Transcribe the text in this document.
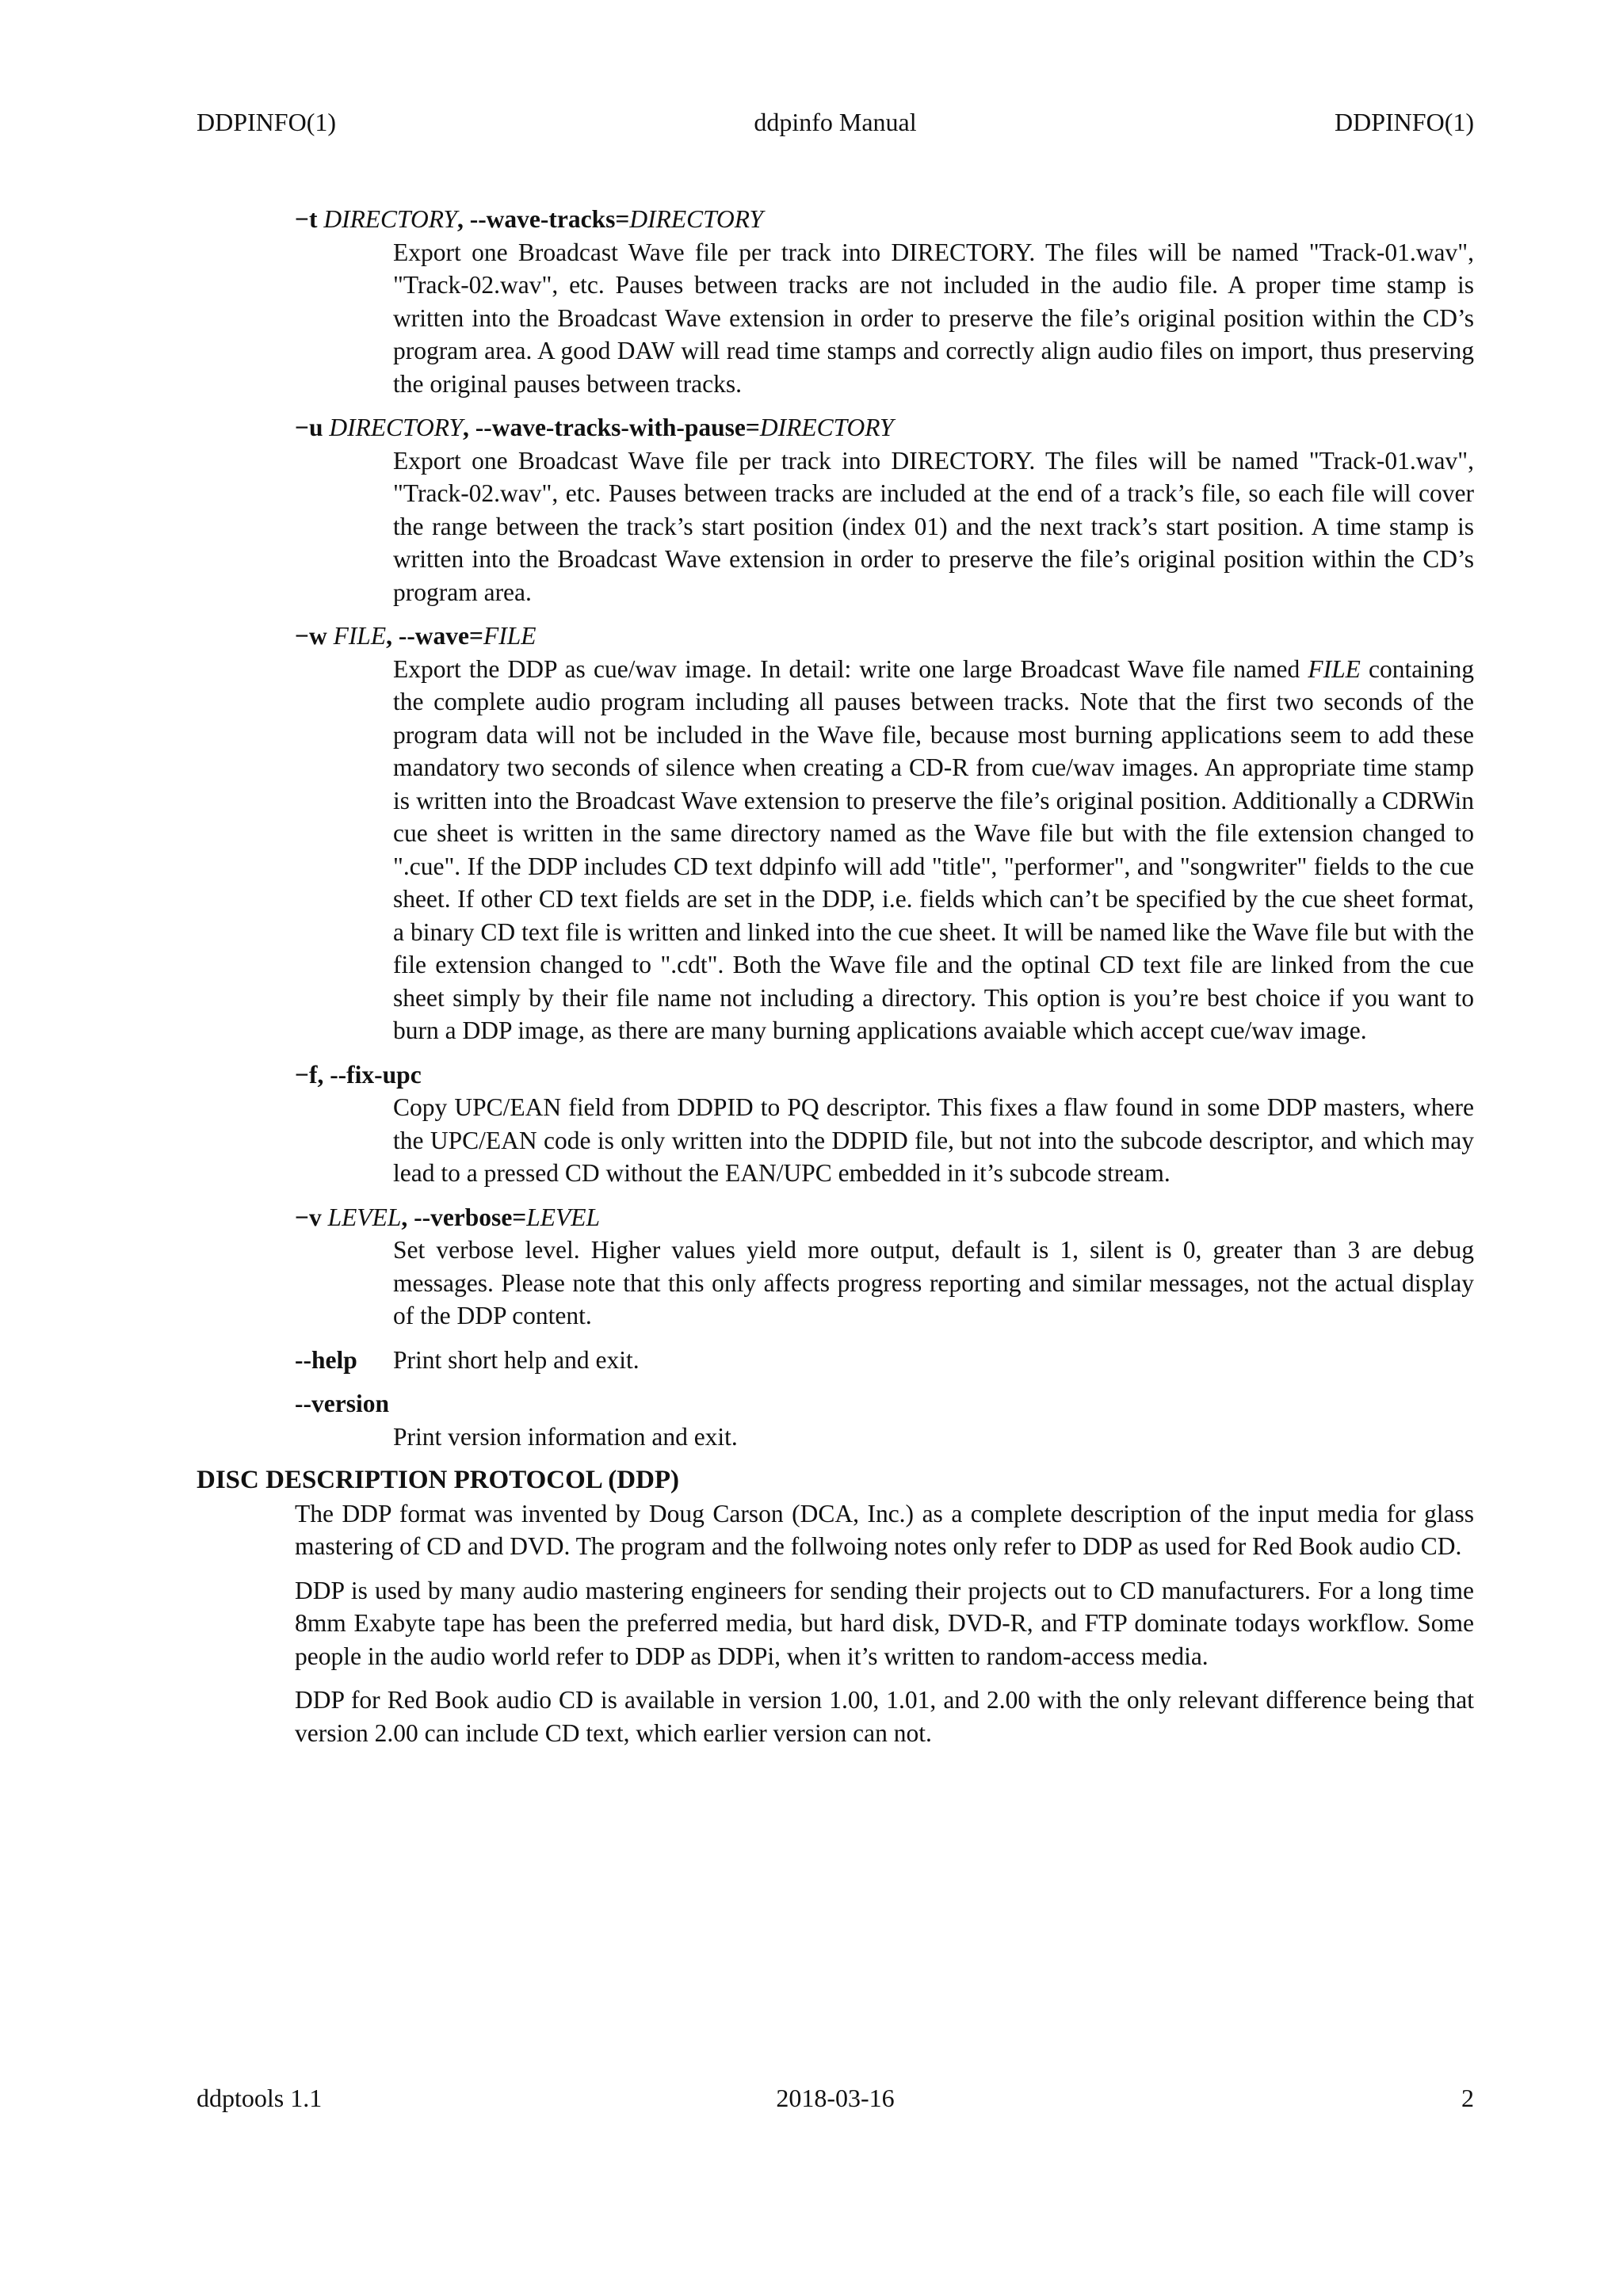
DDPINFO(1)	ddpinfo Manual	DDPINFO(1)
−t DIRECTORY, --wave-tracks=DIRECTORY
Export one Broadcast Wave file per track into DIRECTORY. The files will be named "Track-01.wav", "Track-02.wav", etc. Pauses between tracks are not included in the audio file. A proper time stamp is written into the Broadcast Wave extension in order to preserve the file’s original position within the CD’s program area. A good DAW will read time stamps and correctly align audio files on import, thus preserving the original pauses between tracks.
−u DIRECTORY, --wave-tracks-with-pause=DIRECTORY
Export one Broadcast Wave file per track into DIRECTORY. The files will be named "Track-01.wav", "Track-02.wav", etc. Pauses between tracks are included at the end of a track’s file, so each file will cover the range between the track’s start position (index 01) and the next track’s start position. A time stamp is written into the Broadcast Wave extension in order to preserve the file’s original position within the CD’s program area.
−w FILE, --wave=FILE
Export the DDP as cue/wav image. In detail: write one large Broadcast Wave file named FILE containing the complete audio program including all pauses between tracks. Note that the first two seconds of the program data will not be included in the Wave file, because most burning applications seem to add these mandatory two seconds of silence when creating a CD-R from cue/wav images. An appropriate time stamp is written into the Broadcast Wave extension to preserve the file’s original position. Additionally a CDRWin cue sheet is written in the same directory named as the Wave file but with the file extension changed to ".cue". If the DDP includes CD text ddpinfo will add "title", "performer", and "songwriter" fields to the cue sheet. If other CD text fields are set in the DDP, i.e. fields which can’t be specified by the cue sheet format, a binary CD text file is written and linked into the cue sheet. It will be named like the Wave file but with the file extension changed to ".cdt". Both the Wave file and the optinal CD text file are linked from the cue sheet simply by their file name not including a directory. This option is you’re best choice if you want to burn a DDP image, as there are many burning applications avaiable which accept cue/wav image.
−f, --fix-upc
Copy UPC/EAN field from DDPID to PQ descriptor. This fixes a flaw found in some DDP masters, where the UPC/EAN code is only written into the DDPID file, but not into the subcode descriptor, and which may lead to a pressed CD without the EAN/UPC embedded in it’s subcode stream.
−v LEVEL, --verbose=LEVEL
Set verbose level. Higher values yield more output, default is 1, silent is 0, greater than 3 are debug messages. Please note that this only affects progress reporting and similar messages, not the actual display of the DDP content.
--help Print short help and exit.
--version
Print version information and exit.
DISC DESCRIPTION PROTOCOL (DDP)
The DDP format was invented by Doug Carson (DCA, Inc.) as a complete description of the input media for glass mastering of CD and DVD. The program and the follwoing notes only refer to DDP as used for Red Book audio CD.
DDP is used by many audio mastering engineers for sending their projects out to CD manufacturers. For a long time 8mm Exabyte tape has been the preferred media, but hard disk, DVD-R, and FTP dominate todays workflow. Some people in the audio world refer to DDP as DDPi, when it’s written to random-access media.
DDP for Red Book audio CD is available in version 1.00, 1.01, and 2.00 with the only relevant difference being that version 2.00 can include CD text, which earlier version can not.
ddptools 1.1	2018-03-16	2
